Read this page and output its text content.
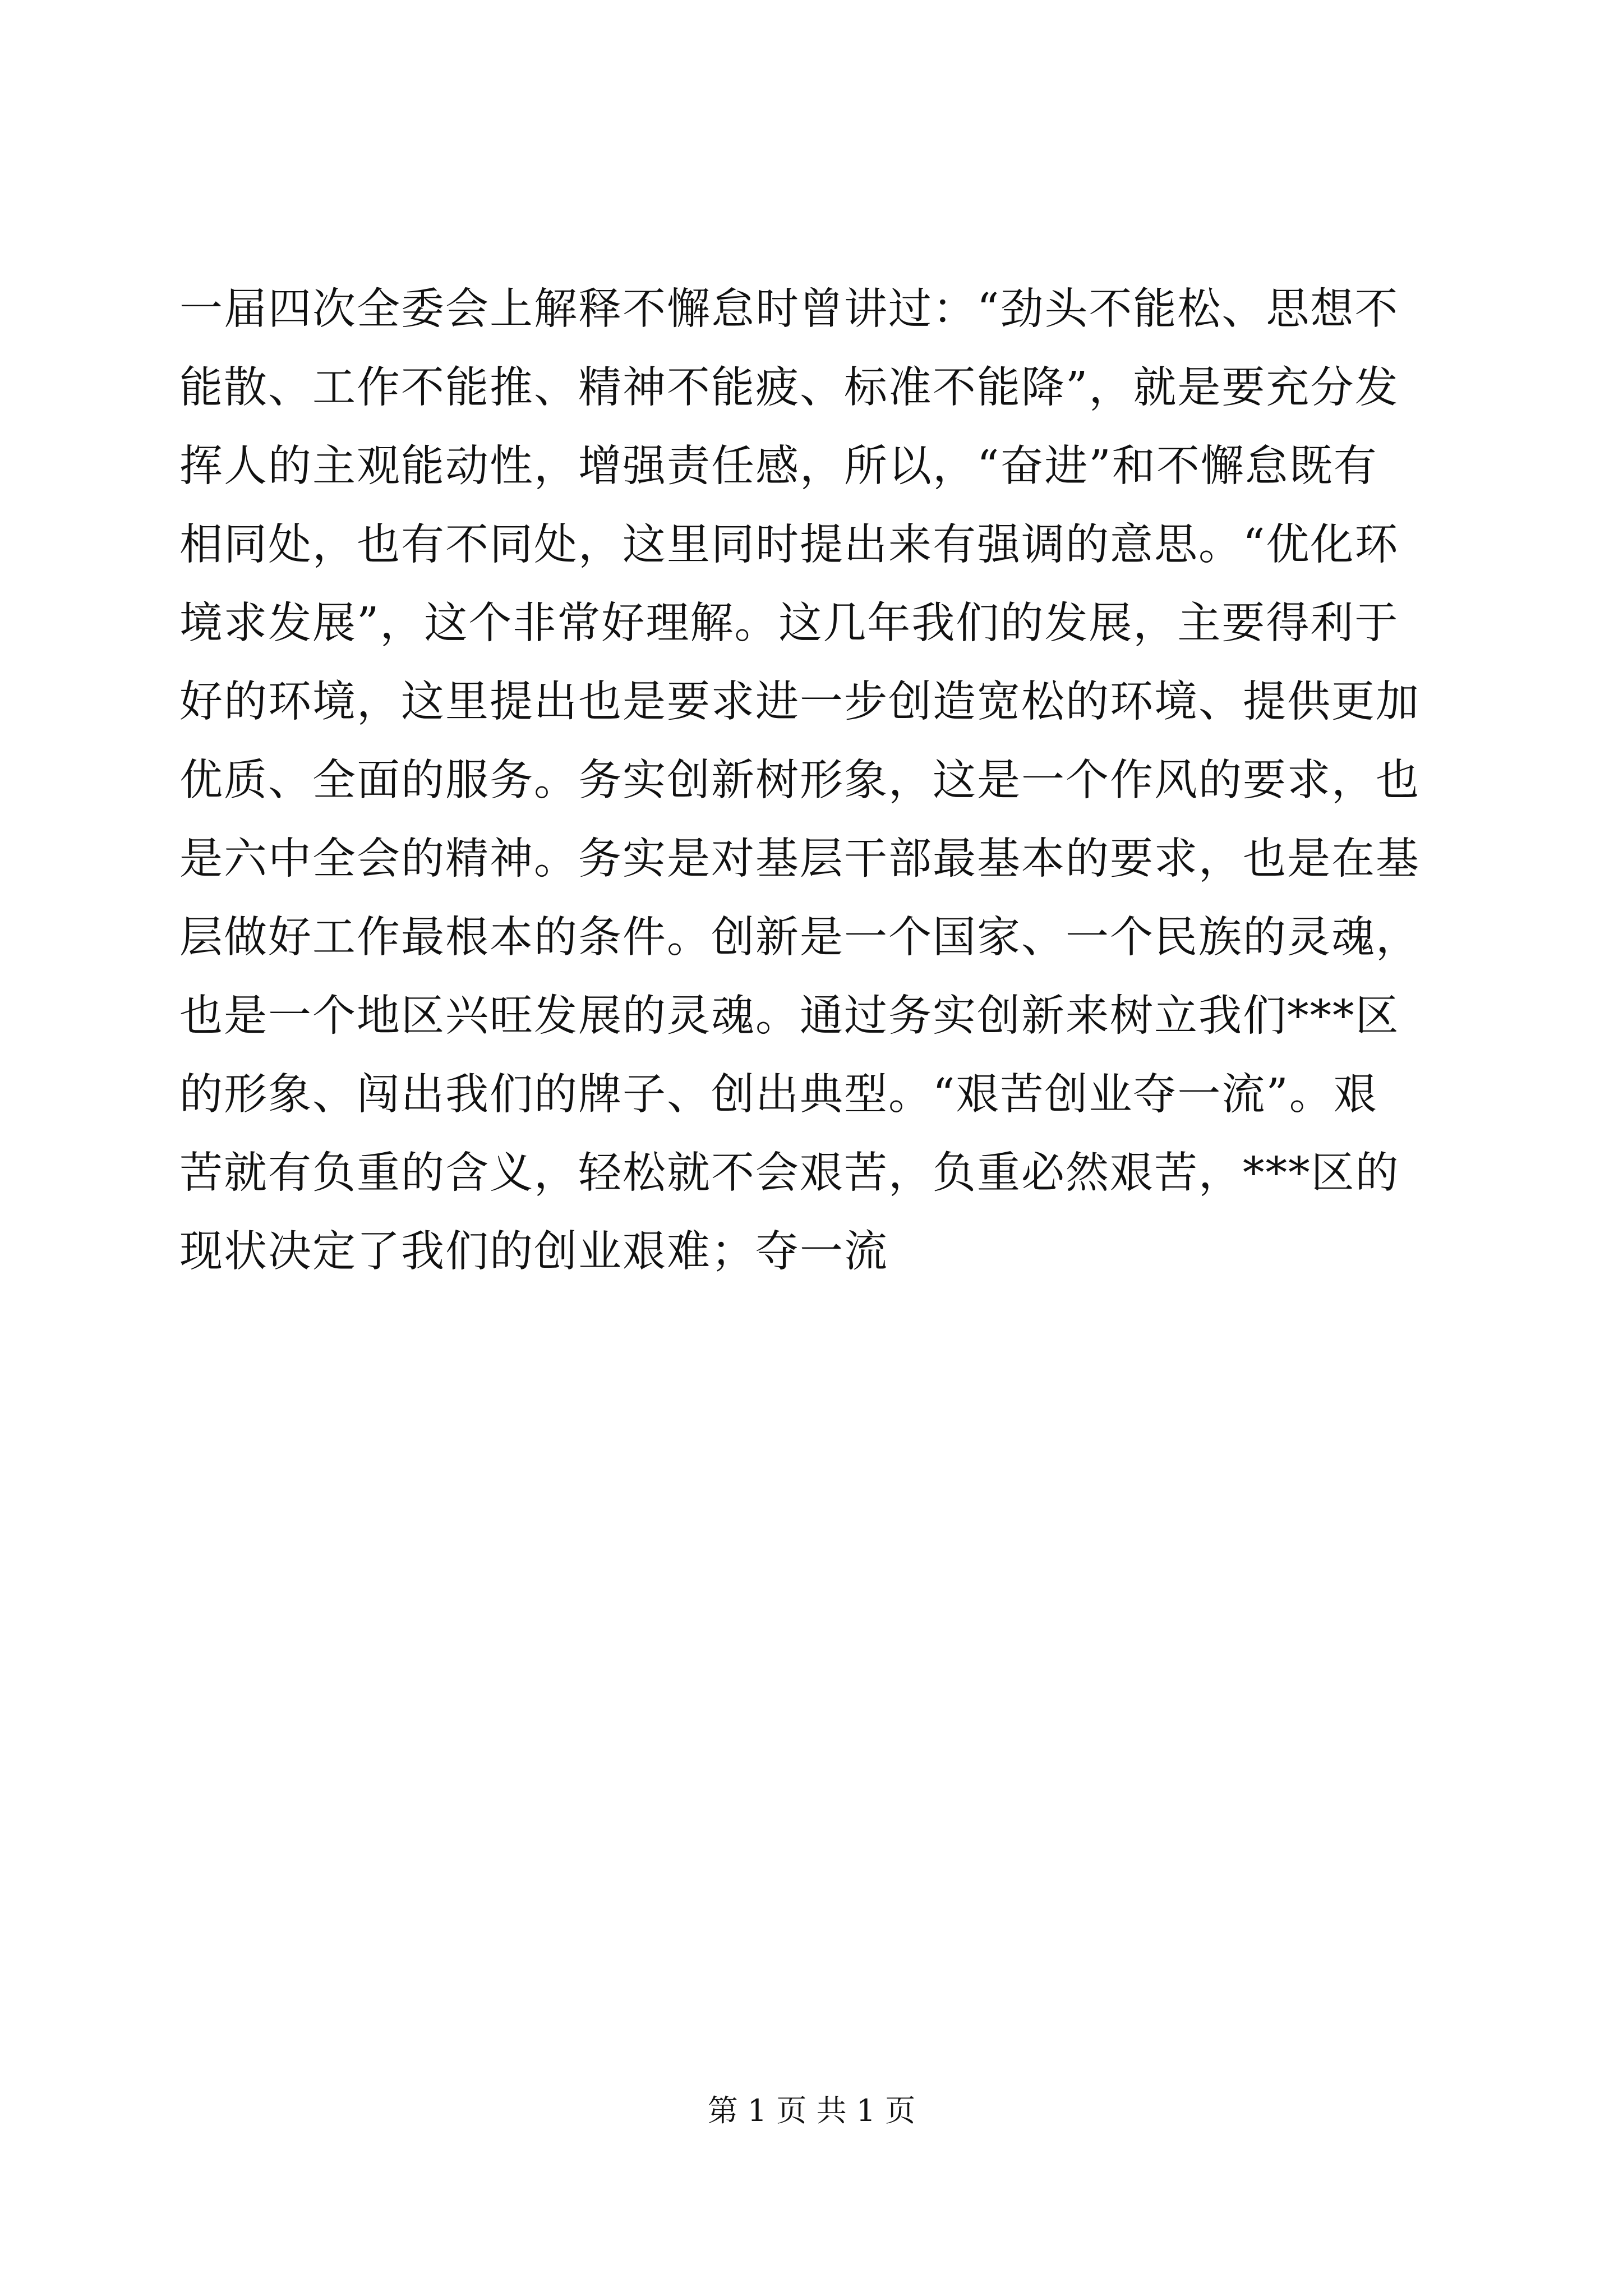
一届四次全委会上解释不懈怠时曾讲过：“劲头不能松、思想不
能散、工作不能推、精神不能疲、标准不能降”，就是要充分发
挥人的主观能动性，增强责任感，所以，“奋进”和不懈怠既有
相同处，也有不同处，这里同时提出来有强调的意思。“优化环
境求发展”，这个非常好理解。这几年我们的发展，主要得利于
好的环境，这里提出也是要求进一步创造宽松的环境、提供更加
优质、全面的服务。务实创新树形象，这是一个作风的要求，也
是六中全会的精神。务实是对基层干部最基本的要求，也是在基
层做好工作最根本的条件。创新是一个国家、一个民族的灵魂，
也是一个地区兴旺发展的灵魂。通过务实创新来树立我们***区
的形象、闯出我们的牌子、创出典型。“艰苦创业夺一流”。艰
苦就有负重的含义，轻松就不会艰苦，负重必然艰苦，***区的
现状决定了我们的创业艰难；夺一流
第 1 页 共 1 页
